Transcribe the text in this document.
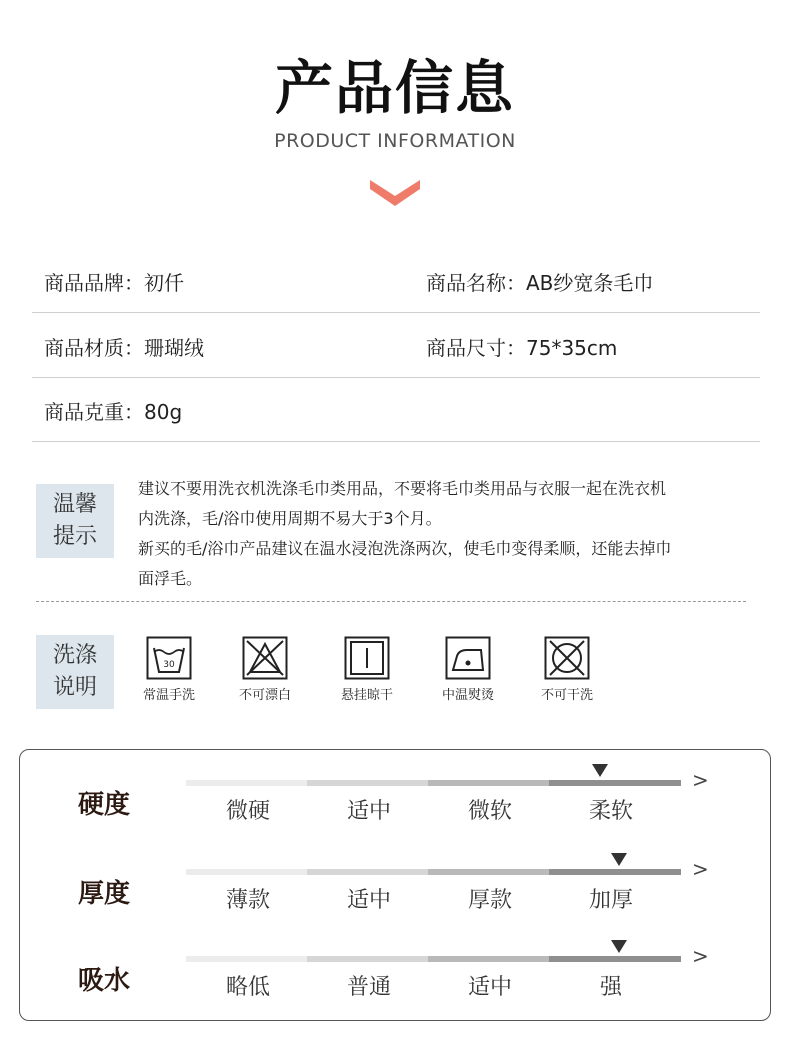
产品信息
PRODUCT INFORMATION
商品品牌：初仟	商品名称：AB纱宽条毛巾
商品材质：珊瑚绒	商品尺寸：75*35cm
商品克重：80g
温馨
提示
建议不要用洗衣机洗涤毛巾类用品，不要将毛巾类用品与衣服一起在洗衣机
内洗涤，毛/浴巾使用周期不易大于3个月。
新买的毛/浴巾产品建议在温水浸泡洗涤两次，使毛巾变得柔顺，还能去掉巾
面浮毛。
洗涤
说明
30
常温手洗	不可漂白	悬挂晾干	中温熨烫	不可干洗
硬度
>
微硬	适中	微软	柔软
厚度
>
薄款	适中	厚款	加厚
吸水
>
略低	普通	适中	强
